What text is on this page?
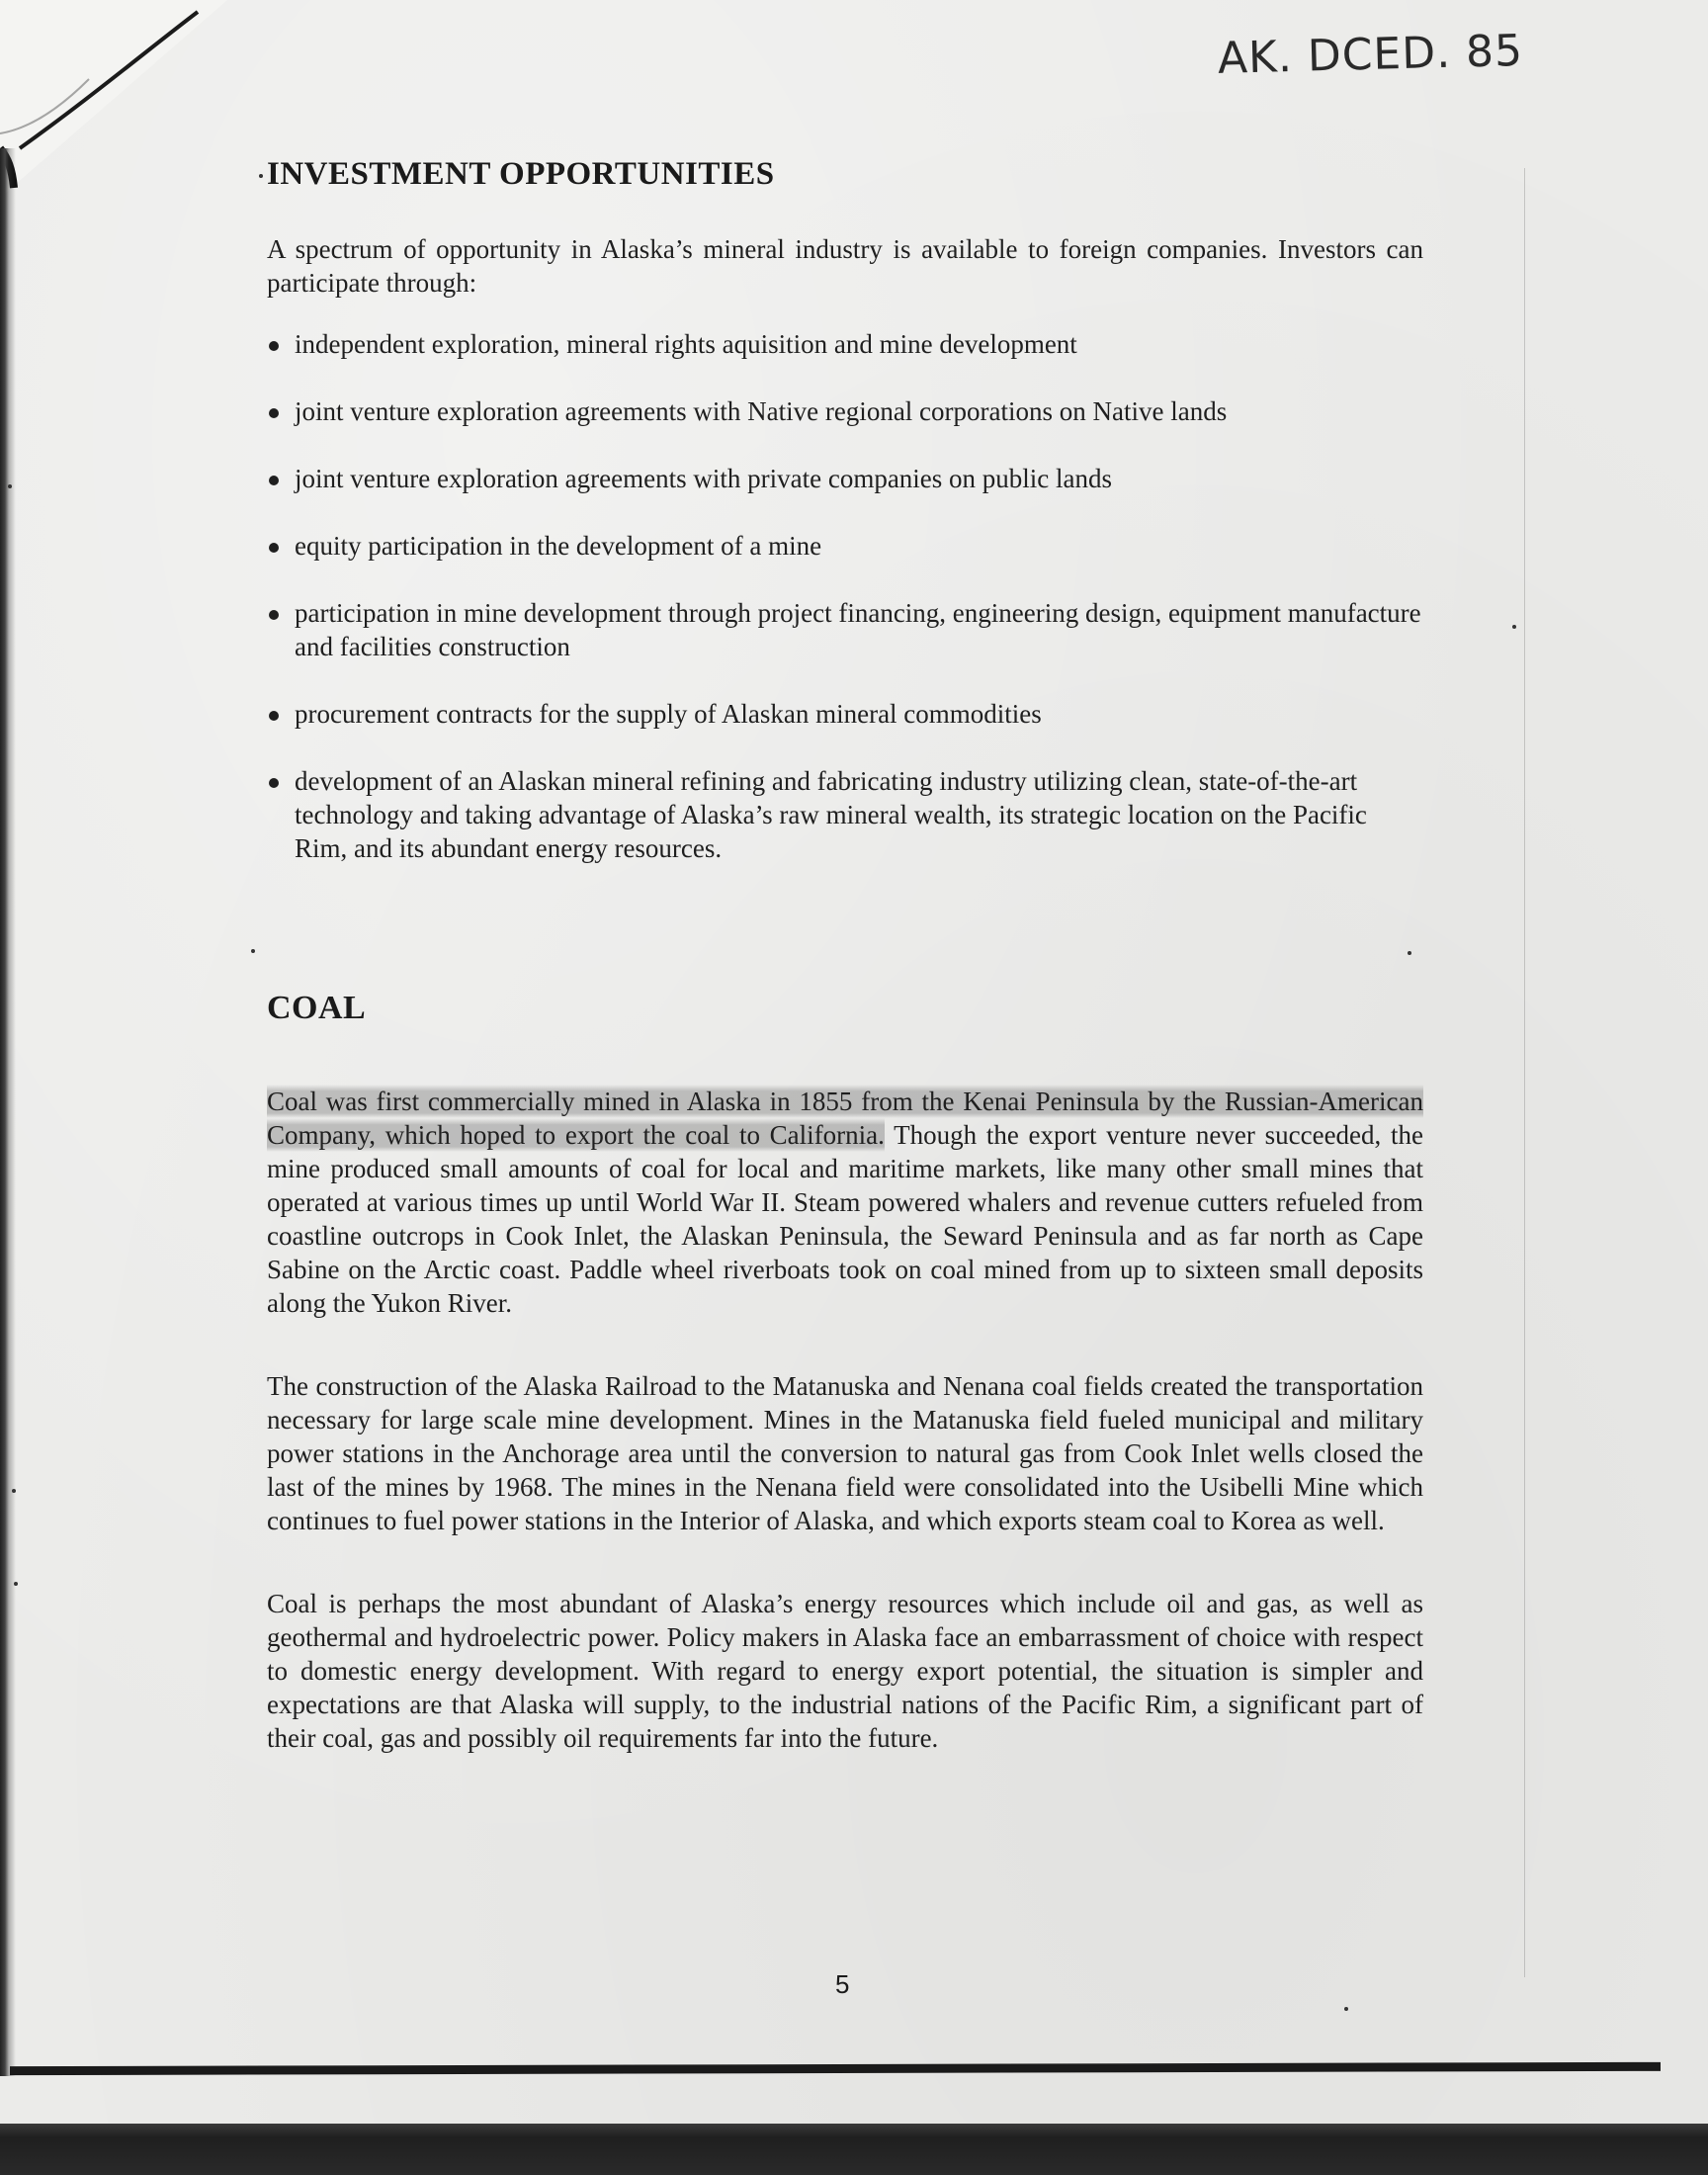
AK. DCED. 85
INVESTMENT OPPORTUNITIES

A spectrum of opportunity in Alaska’s mineral industry is available to foreign companies. Investors can participate through:

independent exploration, mineral rights aquisition and mine development
joint venture exploration agreements with Native regional corporations on Native lands
joint venture exploration agreements with private companies on public lands
equity participation in the development of a mine
participation in mine development through project financing, engineering design, equipment manufacture and facilities construction
procurement contracts for the supply of Alaskan mineral commodities
development of an Alaskan mineral refining and fabricating industry utilizing clean, state-of-the-art technology and taking advantage of Alaska’s raw mineral wealth, its strategic location on the Pacific Rim, and its abundant energy resources.
COAL

Coal was first commercially mined in Alaska in 1855 from the Kenai Peninsula by the Russian-American Company, which hoped to export the coal to California. Though the export venture never succeeded, the mine produced small amounts of coal for local and maritime markets, like many other small mines that operated at various times up until World War II. Steam powered whalers and revenue cutters refueled from coastline outcrops in Cook Inlet, the Alaskan Peninsula, the Seward Peninsula and as far north as Cape Sabine on the Arctic coast. Paddle wheel riverboats took on coal mined from up to sixteen small deposits along the Yukon River.

The construction of the Alaska Railroad to the Matanuska and Nenana coal fields created the transportation necessary for large scale mine development. Mines in the Matanuska field fueled municipal and military power stations in the Anchorage area until the conversion to natural gas from Cook Inlet wells closed the last of the mines by 1968. The mines in the Nenana field were consolidated into the Usibelli Mine which continues to fuel power stations in the Interior of Alaska, and which exports steam coal to Korea as well.

Coal is perhaps the most abundant of Alaska’s energy resources which include oil and gas, as well as geothermal and hydroelectric power. Policy makers in Alaska face an embarrassment of choice with respect to domestic energy development. With regard to energy export potential, the situation is simpler and expectations are that Alaska will supply, to the industrial nations of the Pacific Rim, a significant part of their coal, gas and possibly oil requirements far into the future.

5
